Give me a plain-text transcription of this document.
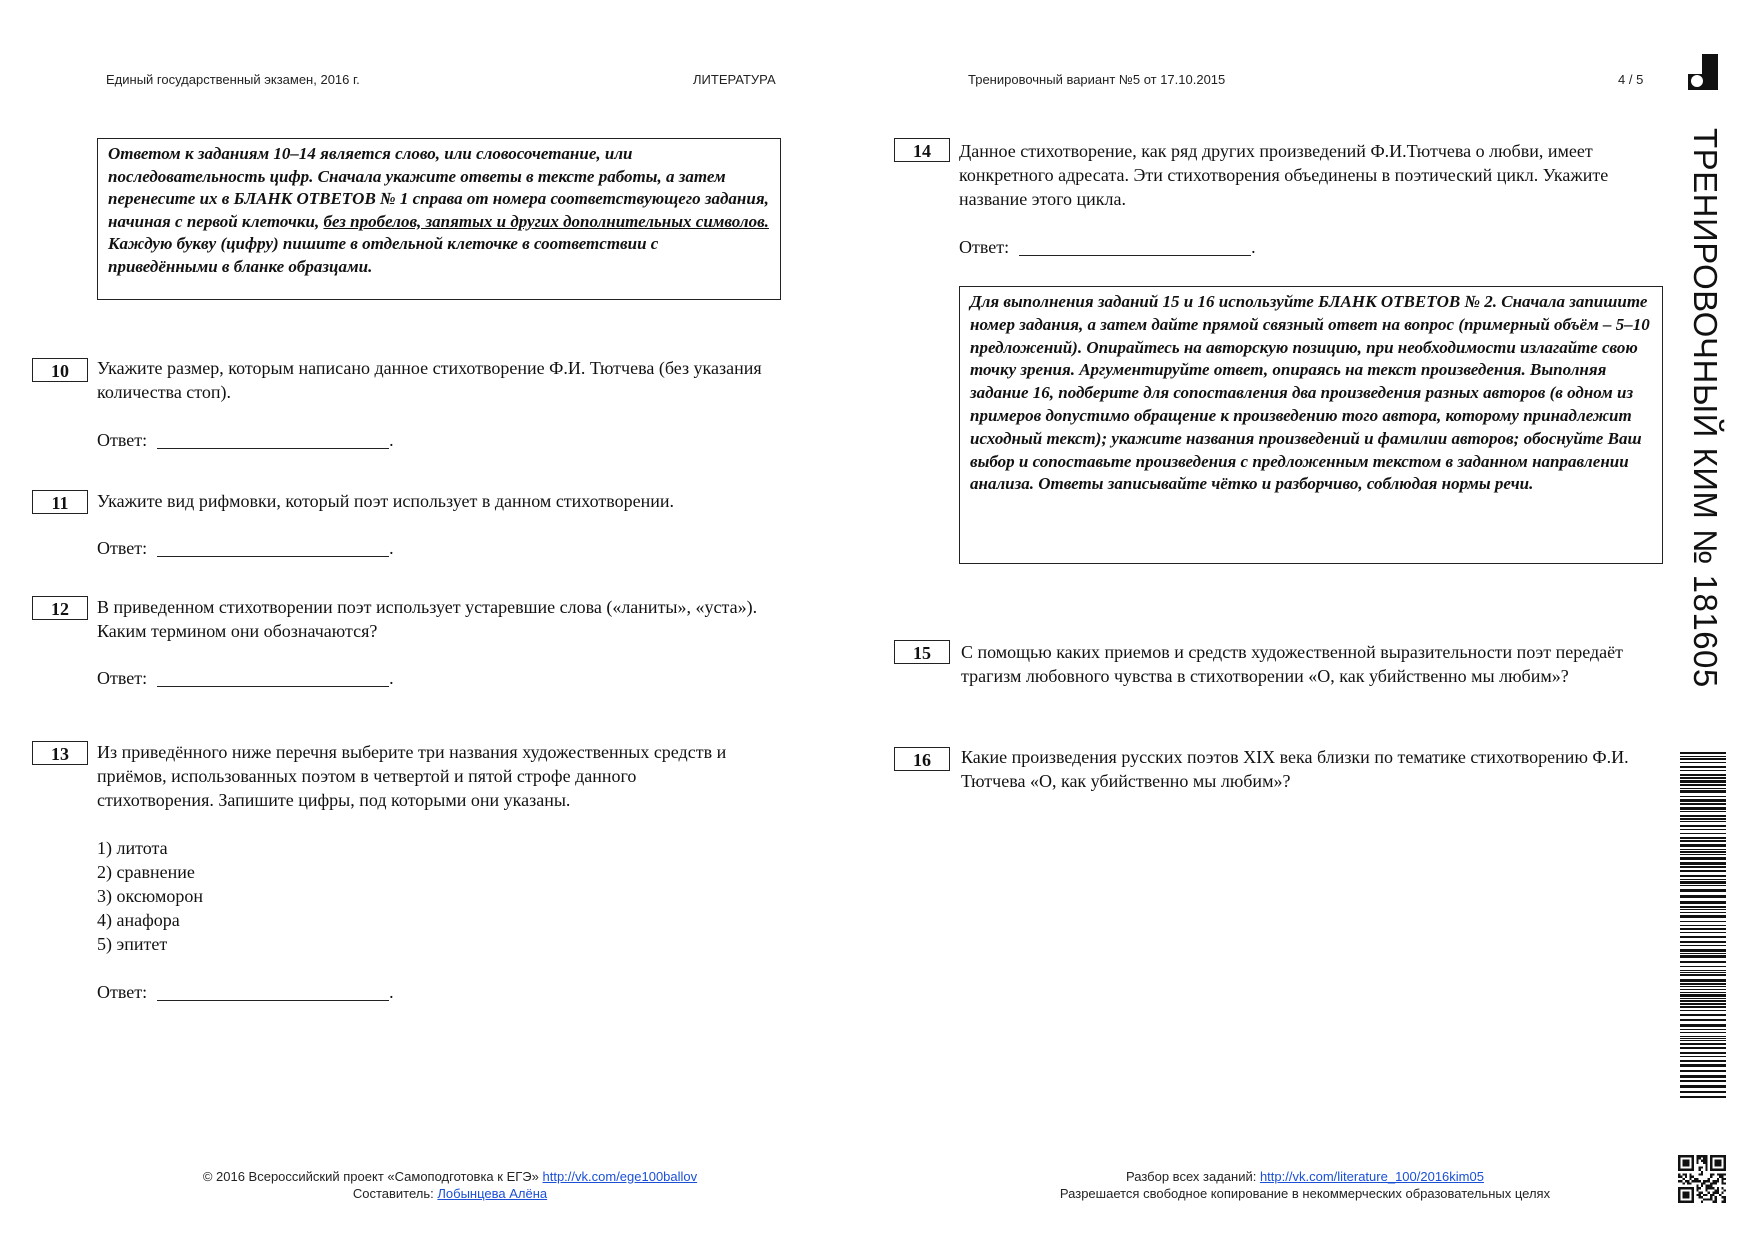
Единый государственный экзамен, 2016 г.	ЛИТЕРАТУРА	Тренировочный вариант №5 от 17.10.2015	4 / 5
Ответом к заданиям 10–14 является слово, или словосочетание, или последовательность цифр. Сначала укажите ответы в тексте работы, а затем перенесите их в БЛАНК ОТВЕТОВ № 1 справа от номера соответствующего задания, начиная с первой клеточки, без пробелов, запятых и других дополнительных символов. Каждую букву (цифру) пишите в отдельной клеточке в соответствии с приведёнными в бланке образцами.
10	Укажите размер, которым написано данное стихотворение Ф.И. Тютчева (без указания количества стоп).
Ответ:	.
11	Укажите вид рифмовки, который поэт использует в данном стихотворении.
Ответ:	.
12	В приведенном стихотворении поэт использует устаревшие слова («ланиты», «уста»). Каким термином они обозначаются?
Ответ:	.
13	Из приведённого ниже перечня выберите три названия художественных средств и приёмов, использованных поэтом в четвертой и пятой строфе данного стихотворения. Запишите цифры, под которыми они указаны.
1) литота
2) сравнение
3) оксюморон
4) анафора
5) эпитет
Ответ:	.
14	Данное стихотворение, как ряд других произведений Ф.И.Тютчева о любви, имеет конкретного адресата. Эти стихотворения объединены в поэтический цикл. Укажите название этого цикла.
Ответ:	.
Для выполнения заданий 15 и 16 используйте БЛАНК ОТВЕТОВ № 2. Сначала запишите номер задания, а затем дайте прямой связный ответ на вопрос (примерный объём – 5–10 предложений). Опирайтесь на авторскую позицию, при необходимости излагайте свою точку зрения. Аргументируйте ответ, опираясь на текст произведения. Выполняя задание 16, подберите для сопоставления два произведения разных авторов (в одном из примеров допустимо обращение к произведению того автора, которому принадлежит исходный текст); укажите названия произведений и фамилии авторов; обоснуйте Ваш выбор и сопоставьте произведения с предложенным текстом в заданном направлении анализа. Ответы записывайте чётко и разборчиво, соблюдая нормы речи.
15	С помощью каких приемов и средств художественной выразительности поэт передаёт трагизм любовного чувства в стихотворении «О, как убийственно мы любим»?
16	Какие произведения русских поэтов XIX века близки по тематике стихотворению Ф.И. Тютчева «О, как убийственно мы любим»?
© 2016 Всероссийский проект «Самоподготовка к ЕГЭ» http://vk.com/ege100ballov
Составитель: Лобынцева Алёна
Разбор всех заданий: http://vk.com/literature_100/2016kim05
Разрешается свободное копирование в некоммерческих образовательных целях
ТРЕНИРОВОЧНЫЙ КИМ № 181605
